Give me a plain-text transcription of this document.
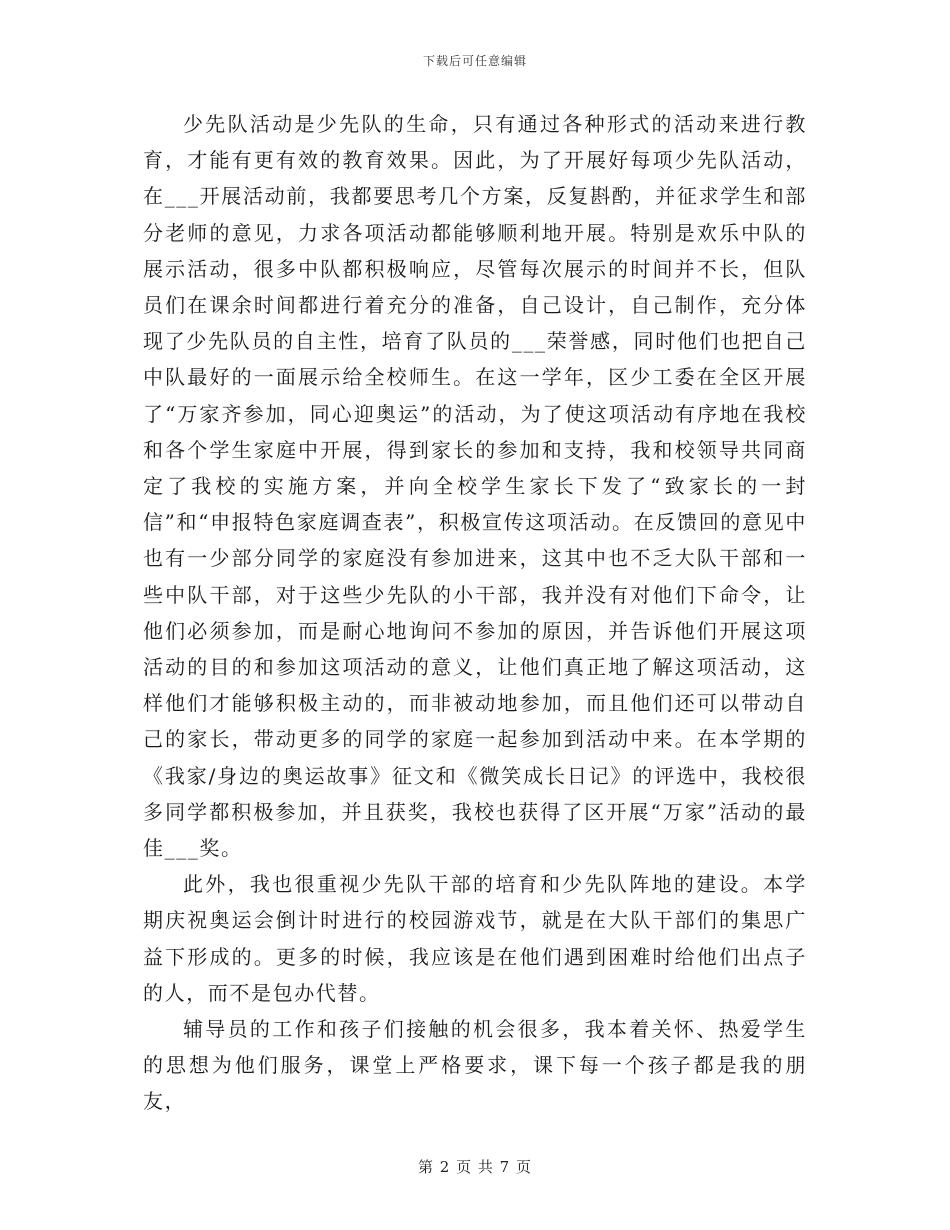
下载后可任意编辑

少先队活动是少先队的生命，只有通过各种形式的活动来进行教育，才能有更有效的教育效果。因此，为了开展好每项少先队活动，在___开展活动前，我都要思考几个方案，反复斟酌，并征求学生和部分老师的意见，力求各项活动都能够顺利地开展。特别是欢乐中队的展示活动，很多中队都积极响应，尽管每次展示的时间并不长，但队员们在课余时间都进行着充分的准备，自己设计，自己制作，充分体现了少先队员的自主性，培育了队员的___荣誉感，同时他们也把自己中队最好的一面展示给全校师生。在这一学年，区少工委在全区开展了“万家齐参加，同心迎奥运”的活动，为了使这项活动有序地在我校和各个学生家庭中开展，得到家长的参加和支持，我和校领导共同商定了我校的实施方案，并向全校学生家长下发了“致家长的一封信”和“申报特色家庭调查表”，积极宣传这项活动。在反馈回的意见中也有一少部分同学的家庭没有参加进来，这其中也不乏大队干部和一些中队干部，对于这些少先队的小干部，我并没有对他们下命令，让他们必须参加，而是耐心地询问不参加的原因，并告诉他们开展这项活动的目的和参加这项活动的意义，让他们真正地了解这项活动，这样他们才能够积极主动的，而非被动地参加，而且他们还可以带动自己的家长，带动更多的同学的家庭一起参加到活动中来。在本学期的《我家/身边的奥运故事》征文和《微笑成长日记》的评选中，我校很多同学都积极参加，并且获奖，我校也获得了区开展“万家”活动的最佳___奖。

此外，我也很重视少先队干部的培育和少先队阵地的建设。本学期庆祝奥运会倒计时进行的校园游戏节，就是在大队干部们的集思广益下形成的。更多的时候，我应该是在他们遇到困难时给他们出点子的人，而不是包办代替。

辅导员的工作和孩子们接触的机会很多，我本着关怀、热爱学生的思想为他们服务，课堂上严格要求，课下每一个孩子都是我的朋友，

第 2 页 共 7 页
